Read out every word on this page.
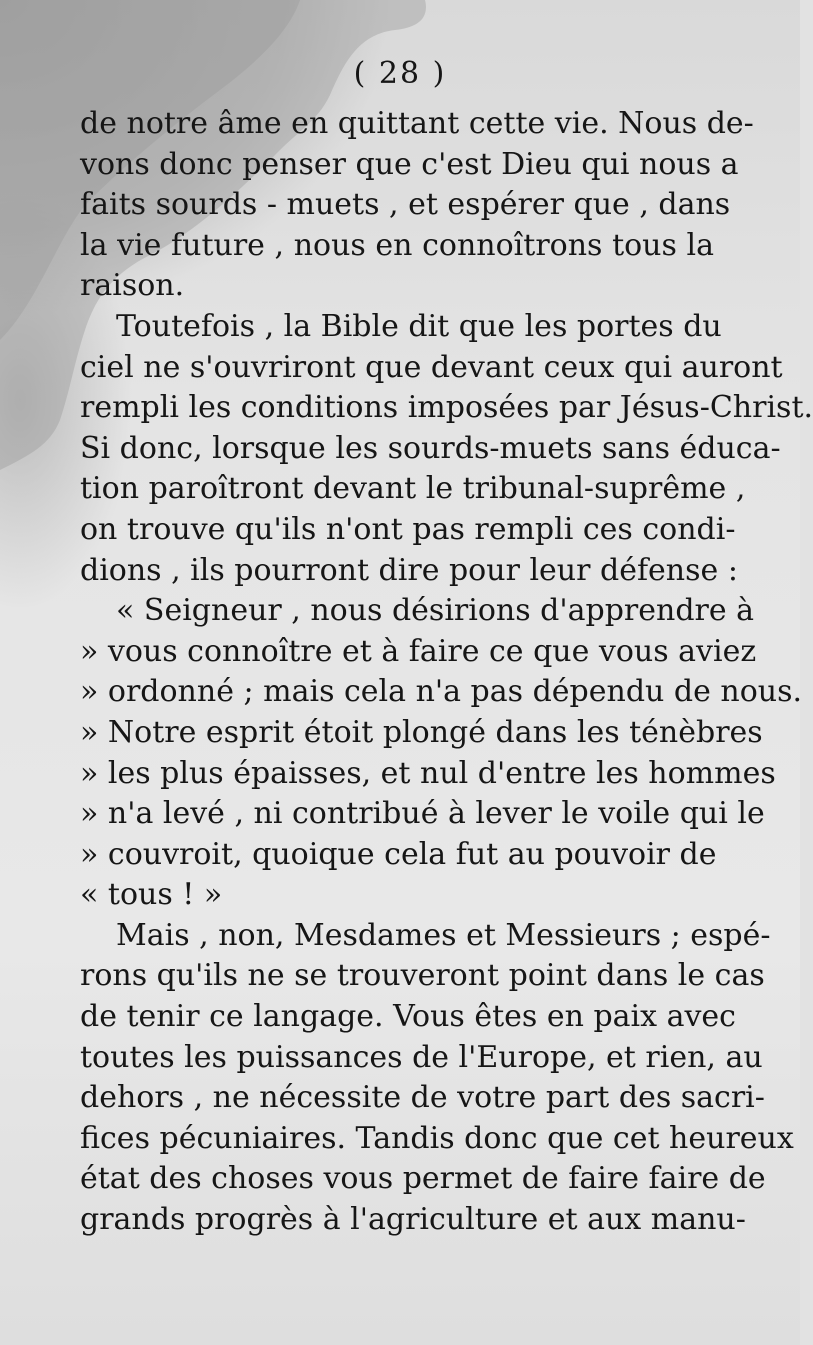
( 28 )
de notre âme en quittant cette vie. Nous de-
vons donc penser que c'est Dieu qui nous a
faits sourds - muets , et espérer que , dans
la vie future , nous en connoîtrons tous la
raison.
Toutefois , la Bible dit que les portes du
ciel ne s'ouvriront que devant ceux qui auront
rempli les conditions imposées par Jésus-Christ.
Si donc, lorsque les sourds-muets sans éduca-
tion paroîtront devant le tribunal-suprême ,
on trouve qu'ils n'ont pas rempli ces condi-
dions , ils pourront dire pour leur défense :
« Seigneur , nous désirions d'apprendre à
» vous connoître et à faire ce que vous aviez
» ordonné ; mais cela n'a pas dépendu de nous.
» Notre esprit étoit plongé dans les ténèbres
» les plus épaisses, et nul d'entre les hommes
» n'a levé , ni contribué à lever le voile qui le
» couvroit, quoique cela fut au pouvoir de
« tous ! »
Mais , non, Mesdames et Messieurs ; espé-
rons qu'ils ne se trouveront point dans le cas
de tenir ce langage. Vous êtes en paix avec
toutes les puissances de l'Europe, et rien, au
dehors , ne nécessite de votre part des sacri-
fices pécuniaires. Tandis donc que cet heureux
état des choses vous permet de faire faire de
grands progrès à l'agriculture et aux manu-
